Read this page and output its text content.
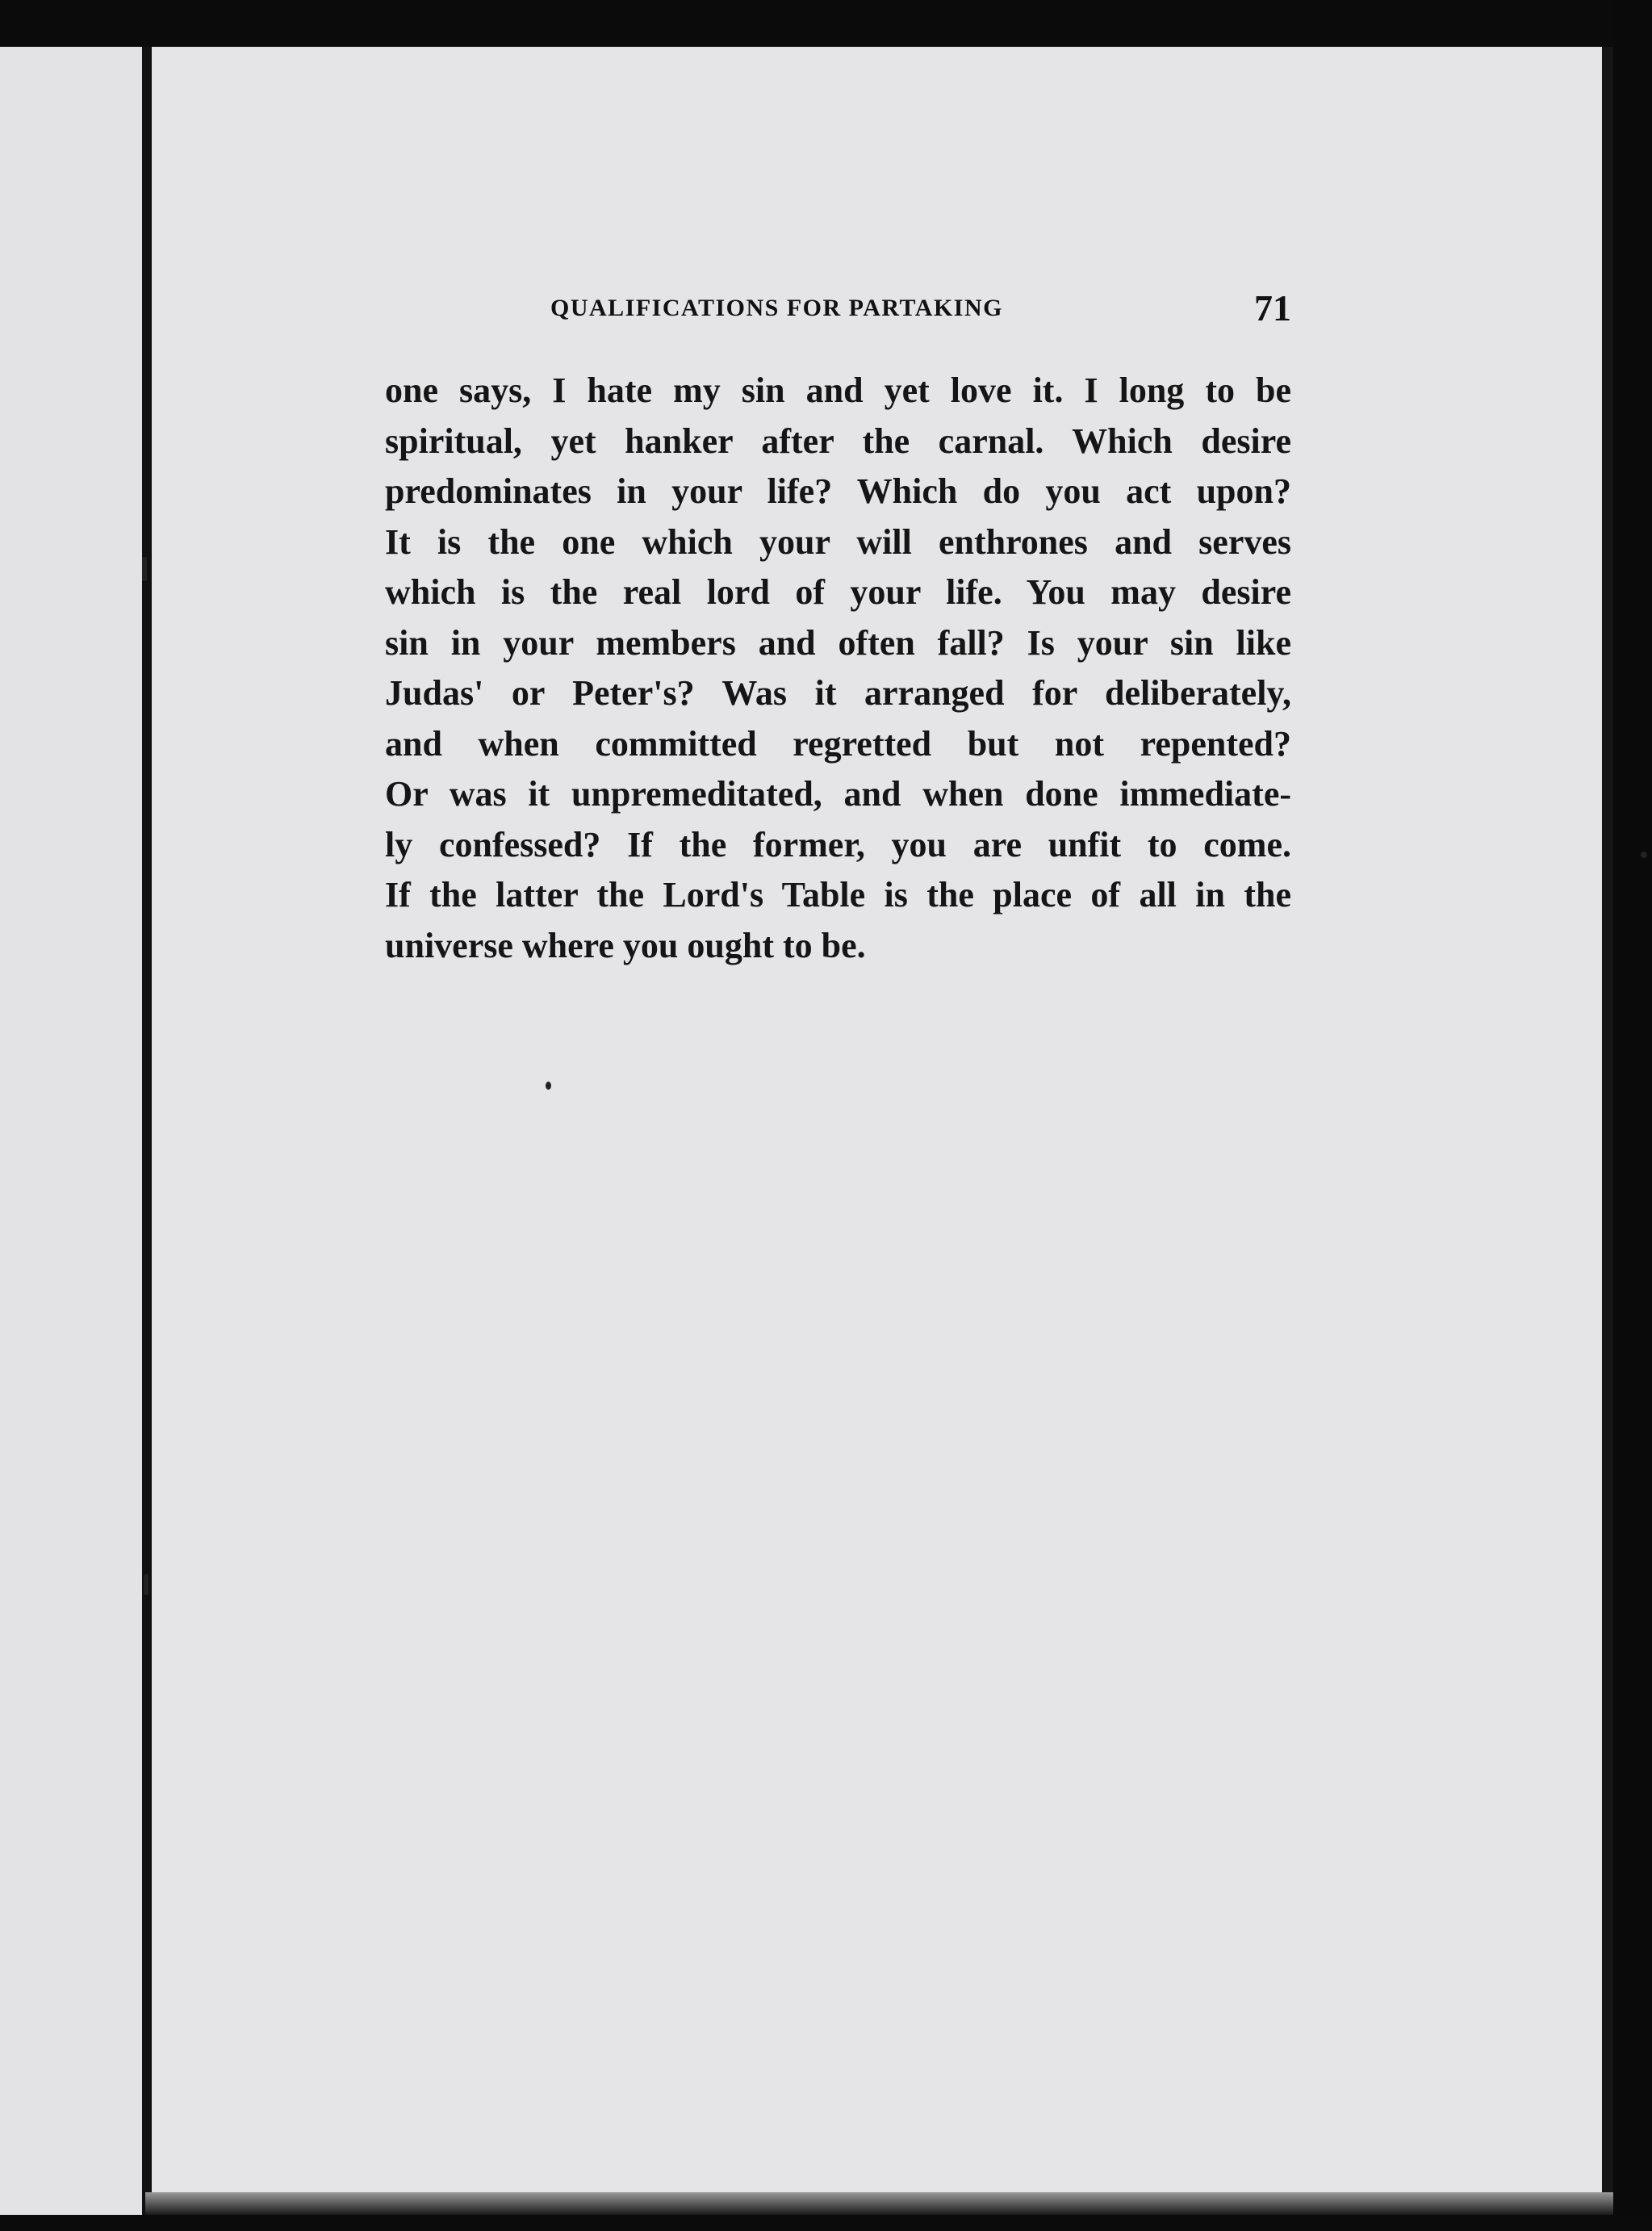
QUALIFICATIONS FOR PARTAKING	71
one says, I hate my sin and yet love it. I long to be
spiritual, yet hanker after the carnal. Which desire
predominates in your life? Which do you act upon?
It is the one which your will enthrones and serves
which is the real lord of your life. You may desire
sin in your members and often fall? Is your sin like
Judas' or Peter's? Was it arranged for deliberately,
and when committed regretted but not repented?
Or was it unpremeditated, and when done immediate-
ly confessed? If the former, you are unfit to come.
If the latter the Lord's Table is the place of all in the
universe where you ought to be.
